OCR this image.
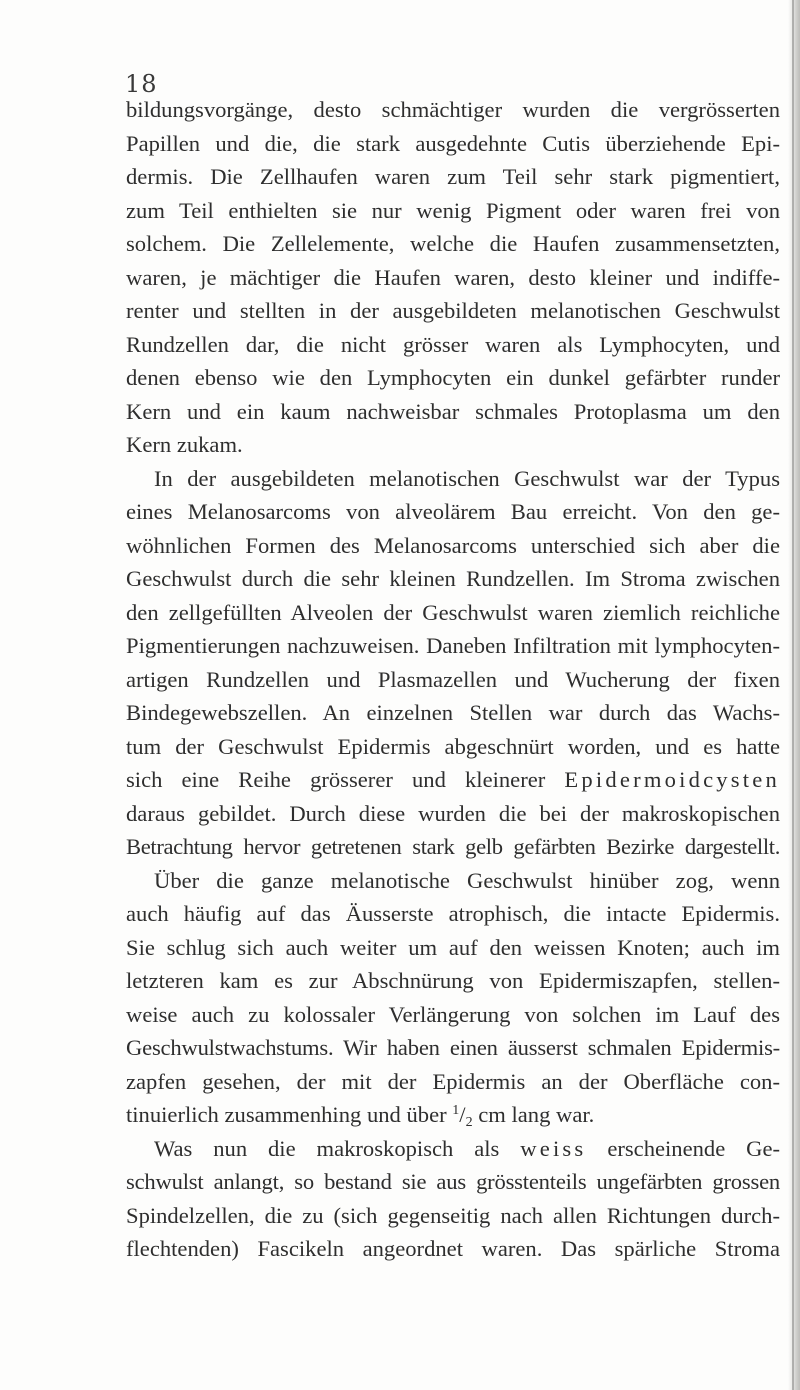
18

bildungsvorgänge, desto schmächtiger wurden die vergrösserten

Papillen und die, die stark ausgedehnte Cutis überziehende Epi-

dermis. Die Zellhaufen waren zum Teil sehr stark pigmentiert,

zum Teil enthielten sie nur wenig Pigment oder waren frei von

solchem. Die Zellelemente, welche die Haufen zusammensetzten,

waren, je mächtiger die Haufen waren, desto kleiner und indiffe-

renter und stellten in der ausgebildeten melanotischen Geschwulst

Rundzellen dar, die nicht grösser waren als Lymphocyten, und

denen ebenso wie den Lymphocyten ein dunkel gefärbter runder

Kern und ein kaum nachweisbar schmales Protoplasma um den

Kern zukam.

In der ausgebildeten melanotischen Geschwulst war der Typus

eines Melanosarcoms von alveolärem Bau erreicht. Von den ge-

wöhnlichen Formen des Melanosarcoms unterschied sich aber die

Geschwulst durch die sehr kleinen Rundzellen. Im Stroma zwischen

den zellgefüllten Alveolen der Geschwulst waren ziemlich reichliche

Pigmentierungen nachzuweisen. Daneben Infiltration mit lymphocyten-

artigen Rundzellen und Plasmazellen und Wucherung der fixen

Bindegewebszellen. An einzelnen Stellen war durch das Wachs-

tum der Geschwulst Epidermis abgeschnürt worden, und es hatte

sich eine Reihe grösserer und kleinerer Epidermoidcysten

daraus gebildet. Durch diese wurden die bei der makroskopischen

Betrachtung hervor getretenen stark gelb gefärbten Bezirke dargestellt.

Über die ganze melanotische Geschwulst hinüber zog, wenn

auch häufig auf das Äusserste atrophisch, die intacte Epidermis.

Sie schlug sich auch weiter um auf den weissen Knoten; auch im

letzteren kam es zur Abschnürung von Epidermiszapfen, stellen-

weise auch zu kolossaler Verlängerung von solchen im Lauf des

Geschwulstwachstums. Wir haben einen äusserst schmalen Epidermis-

zapfen gesehen, der mit der Epidermis an der Oberfläche con-

tinuierlich zusammenhing und über $^1/_2$ cm lang war.

Was nun die makroskopisch als weiss erscheinende Ge-

schwulst anlangt, so bestand sie aus grösstenteils ungefärbten grossen

Spindelzellen, die zu (sich gegenseitig nach allen Richtungen durch-

flechtenden) Fascikeln angeordnet waren. Das spärliche Stroma
